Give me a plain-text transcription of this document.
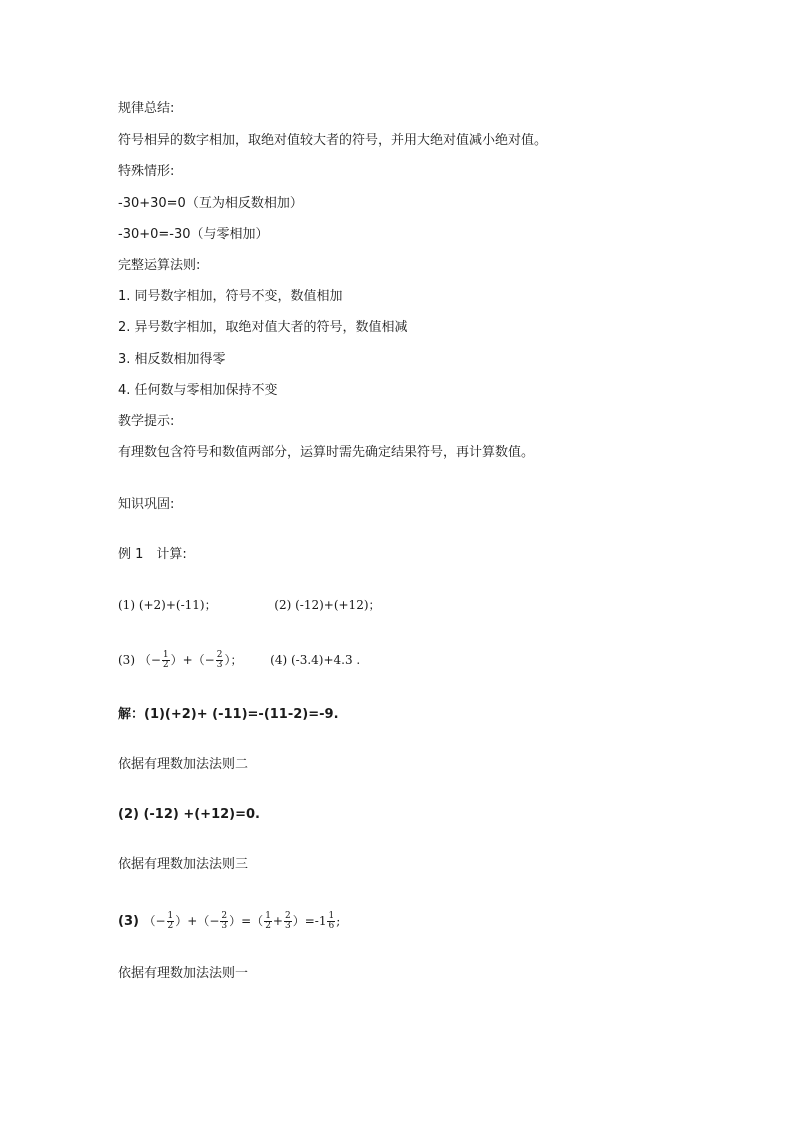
规律总结:
符号相异的数字相加，取绝对值较大者的符号，并用大绝对值减小绝对值。
特殊情形:
-30+30=0（互为相反数相加）
-30+0=-30（与零相加）
完整运算法则:
1. 同号数字相加，符号不变，数值相加
2. 异号数字相加，取绝对值大者的符号，数值相减
3. 相反数相加得零
4. 任何数与零相加保持不变
教学提示:
有理数包含符号和数值两部分，运算时需先确定结果符号，再计算数值。
知识巩固:
例 1　计算:
(1) (+2)+(-11)；	(2) (-12)+(+12)；
(3) （− $\frac{1}{2}$ ）+（− $\frac{2}{3}$ ）； (4) (-3.4)+4.3 .
解：(1)(+2)+ (-11)=-(11-2)=-9.
依据有理数加法法则二
(2) (-12) +(+12)=0.
依据有理数加法法则三
(3) （− $\frac{1}{2}$ ）+（− $\frac{2}{3}$ ）=（ $\frac{1}{2} + \frac{2}{3} )=-1 \frac{1}{6}$ ;
依据有理数加法法则一
